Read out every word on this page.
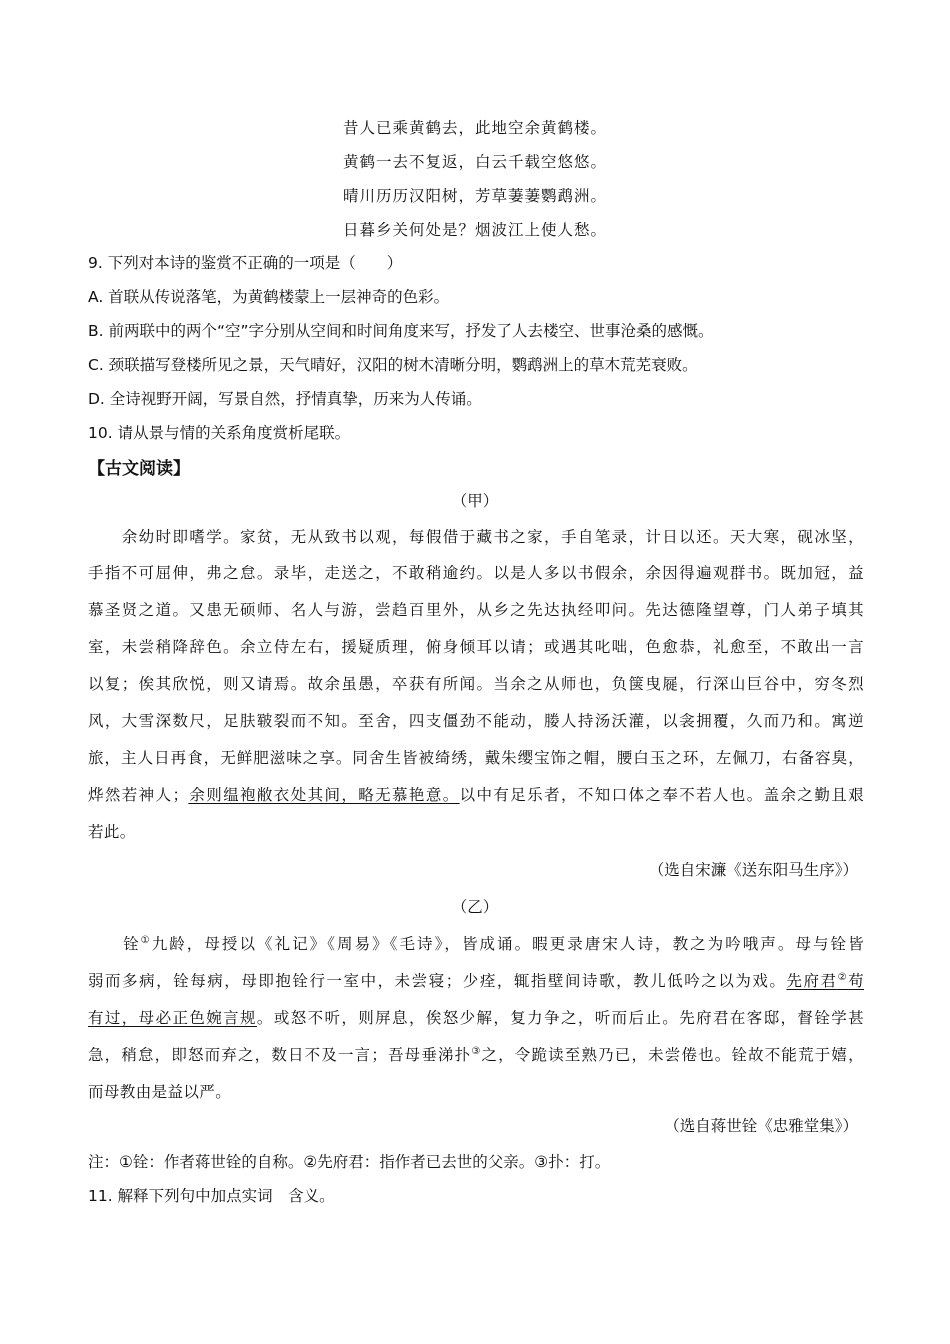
昔人已乘黄鹤去，此地空余黄鹤楼。
黄鹤一去不复返，白云千载空悠悠。
晴川历历汉阳树，芳草萋萋鹦鹉洲。
日暮乡关何处是？烟波江上使人愁。
9. 下列对本诗的鉴赏不正确的一项是（　　）
A. 首联从传说落笔，为黄鹤楼蒙上一层神奇的色彩。
B. 前两联中的两个“空”字分别从空间和时间角度来写，抒发了人去楼空、世事沧桑的感慨。
C. 颈联描写登楼所见之景，天气晴好，汉阳的树木清晰分明，鹦鹉洲上的草木荒芜衰败。
D. 全诗视野开阔，写景自然，抒情真挚，历来为人传诵。
10. 请从景与情的关系角度赏析尾联。
【古文阅读】
（甲）
　　余幼时即嗜学。家贫，无从致书以观，每假借于藏书之家，手自笔录，计日以还。天大寒，砚冰坚，
手指不可屈伸，弗之怠。录毕，走送之，不敢稍逾约。以是人多以书假余，余因得遍观群书。既加冠，益
慕圣贤之道。又患无硕师、名人与游，尝趋百里外，从乡之先达执经叩问。先达德隆望尊，门人弟子填其
室，未尝稍降辞色。余立侍左右，援疑质理，俯身倾耳以请；或遇其叱咄，色愈恭，礼愈至，不敢出一言
以复；俟其欣悦，则又请焉。故余虽愚，卒获有所闻。当余之从师也，负箧曳屣，行深山巨谷中，穷冬烈
风，大雪深数尺，足肤皲裂而不知。至舍，四支僵劲不能动，媵人持汤沃灌，以衾拥覆，久而乃和。寓逆
旅，主人日再食，无鲜肥滋味之享。同舍生皆被绮绣，戴朱缨宝饰之帽，腰白玉之环，左佩刀，右备容臭，
烨然若神人；余则缊袍敝衣处其间，略无慕艳意。以中有足乐者，不知口体之奉不若人也。盖余之勤且艰
若此。
（选自宋濂《送东阳马生序》）
（乙）
　　铨①九龄，母授以《礼记》《周易》《毛诗》，皆成诵。暇更录唐宋人诗，教之为吟哦声。母与铨皆
弱而多病，铨每病，母即抱铨行一室中，未尝寝；少痊，辄指壁间诗歌，教儿低吟之以为戏。先府君②苟
有过，母必正色婉言规。或怒不听，则屏息，俟怒少解，复力争之，听而后止。先府君在客邸，督铨学甚
急，稍怠，即怒而弃之，数日不及一言；吾母垂涕扑③之，令跪读至熟乃已，未尝倦也。铨故不能荒于嬉，
而母教由是益以严。
（选自蒋世铨《忠雅堂集》）
注：①铨：作者蒋世铨的自称。②先府君：指作者已去世的父亲。③扑：打。
11. 解释下列句中加点实词　含义。
